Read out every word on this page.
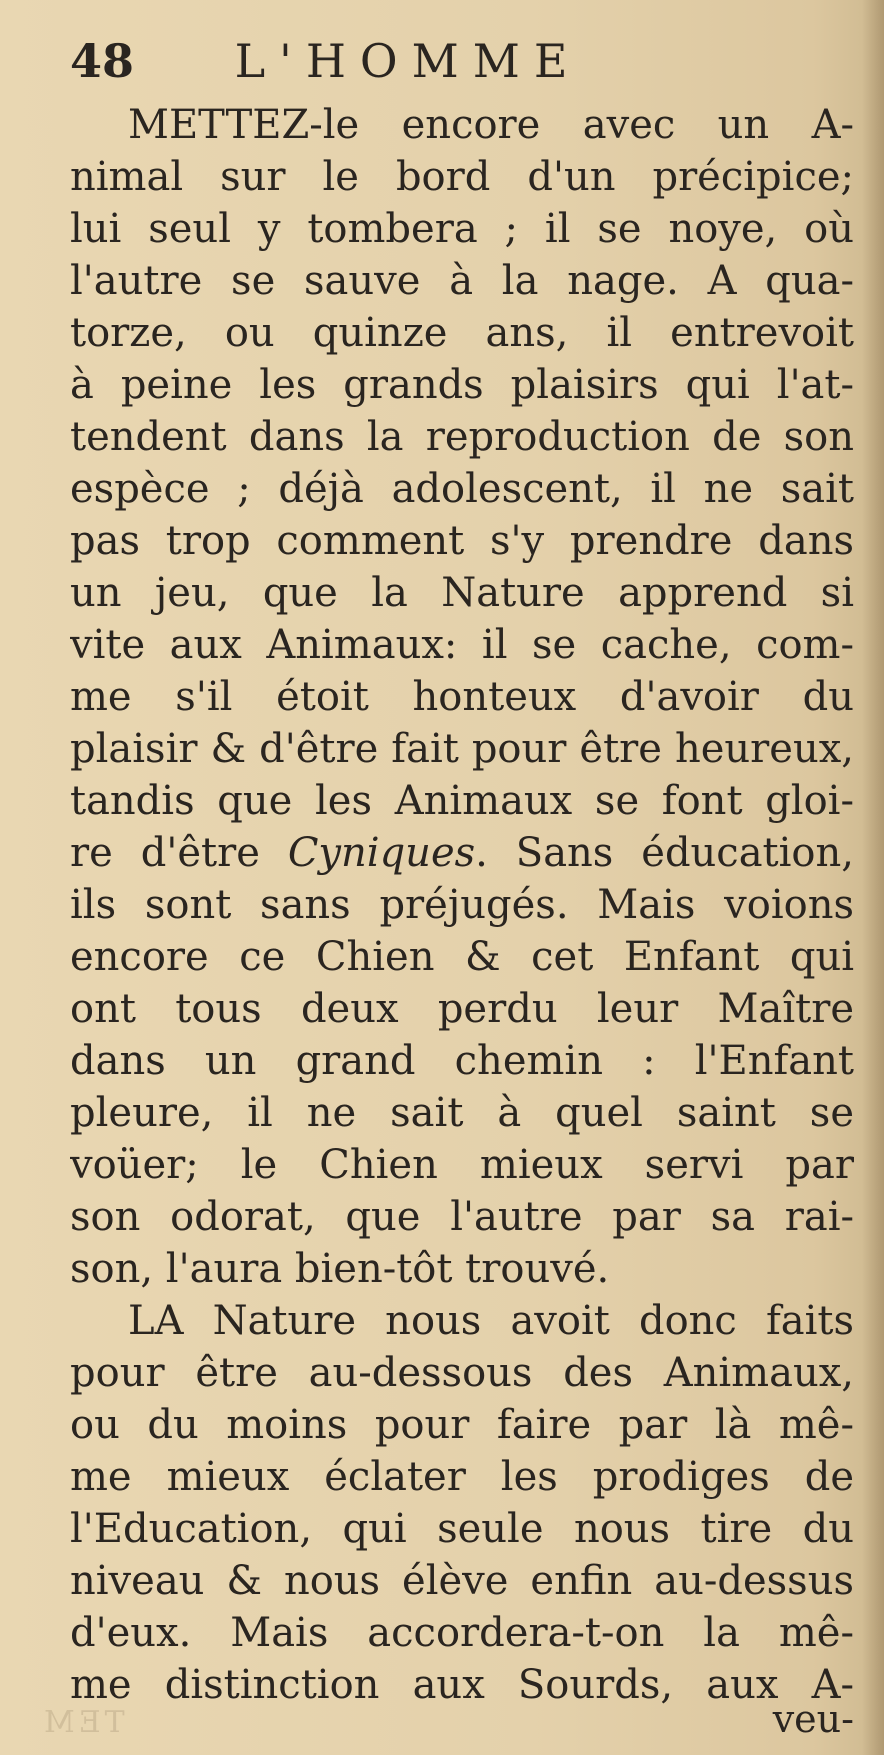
48 L'HOMME
METTEZ-le encore avec un A-
nimal sur le bord d'un précipice;
lui seul y tombera ; il se noye, où
l'autre se sauve à la nage. A qua-
torze, ou quinze ans, il entrevoit
à peine les grands plaisirs qui l'at-
tendent dans la reproduction de son
espèce ; déjà adolescent, il ne sait
pas trop comment s'y prendre dans
un jeu, que la Nature apprend si
vite aux Animaux: il se cache, com-
me s'il étoit honteux d'avoir du
plaisir & d'être fait pour être heureux,
tandis que les Animaux se font gloi-
re d'être Cyniques. Sans éducation,
ils sont sans préjugés. Mais voions
encore ce Chien & cet Enfant qui
ont tous deux perdu leur Maître
dans un grand chemin : l'Enfant
pleure, il ne sait à quel saint se
voüer; le Chien mieux servi par
son odorat, que l'autre par sa rai-
son, l'aura bien-tôt trouvé.
LA Nature nous avoit donc faits
pour être au-dessous des Animaux,
ou du moins pour faire par là mê-
me mieux éclater les prodiges de
l'Education, qui seule nous tire du
niveau & nous élève enfin au-dessus
d'eux. Mais accordera-t-on la mê-
me distinction aux Sourds, aux A-
veu-
ТЕМ
